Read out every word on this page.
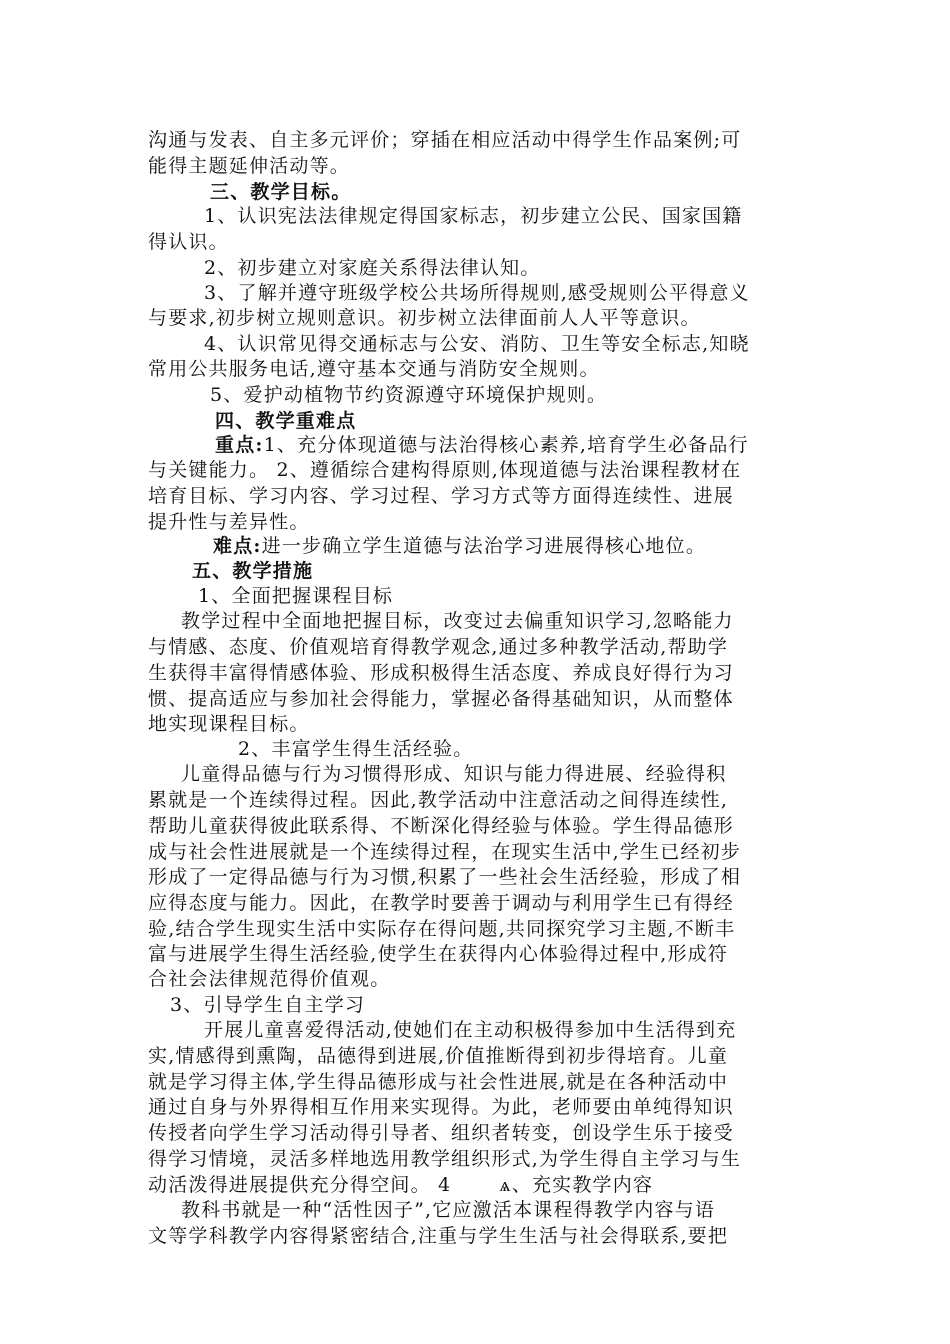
沟通与发表、自主多元评价；穿插在相应活动中得学生作品案例;可
能得主题延伸活动等。
三、教学目标。
1、认识宪法法律规定得国家标志，初步建立公民、国家国籍
得认识。
2、初步建立对家庭关系得法律认知。
3、了解并遵守班级学校公共场所得规则,感受规则公平得意义
与要求,初步树立规则意识。初步树立法律面前人人平等意识。
4、认识常见得交通标志与公安、消防、卫生等安全标志,知晓
常用公共服务电话,遵守基本交通与消防安全规则。
5、爱护动植物节约资源遵守环境保护规则。
四、教学重难点
重点:1、充分体现道德与法治得核心素养,培育学生必备品行
与关键能力。 2、遵循综合建构得原则,体现道德与法治课程教材在
培育目标、学习内容、学习过程、学习方式等方面得连续性、进展
提升性与差异性。
难点:进一步确立学生道德与法治学习进展得核心地位。
五、教学措施
1、全面把握课程目标
教学过程中全面地把握目标，改变过去偏重知识学习,忽略能力
与情感、态度、价值观培育得教学观念,通过多种教学活动,帮助学
生获得丰富得情感体验、形成积极得生活态度、养成良好得行为习
惯、提高适应与参加社会得能力，掌握必备得基础知识，从而整体
地实现课程目标。
2、丰富学生得生活经验。
儿童得品德与行为习惯得形成、知识与能力得进展、经验得积
累就是一个连续得过程。因此,教学活动中注意活动之间得连续性,
帮助儿童获得彼此联系得、不断深化得经验与体验。学生得品德形
成与社会性进展就是一个连续得过程，在现实生活中,学生已经初步
形成了一定得品德与行为习惯,积累了一些社会生活经验，形成了相
应得态度与能力。因此，在教学时要善于调动与利用学生已有得经
验,结合学生现实生活中实际存在得问题,共同探究学习主题,不断丰
富与进展学生得生活经验,使学生在获得内心体验得过程中,形成符
合社会法律规范得价值观。
3、引导学生自主学习
开展儿童喜爱得活动,使她们在主动积极得参加中生活得到充
实,情感得到熏陶，品德得到进展,价值推断得到初步得培育。儿童
就是学习得主体,学生得品德形成与社会性进展,就是在各种活动中
通过自身与外界得相互作用来实现得。为此，老师要由单纯得知识
传授者向学生学习活动得引导者、组织者转变，创设学生乐于接受
得学习情境，灵活多样地选用教学组织形式,为学生得自主学习与生
动活泼得进展提供充分得空间。 4	ѧ、充实教学内容
教科书就是一种“活性因子”,它应激活本课程得教学内容与语
文等学科教学内容得紧密结合,注重与学生生活与社会得联系,要把
